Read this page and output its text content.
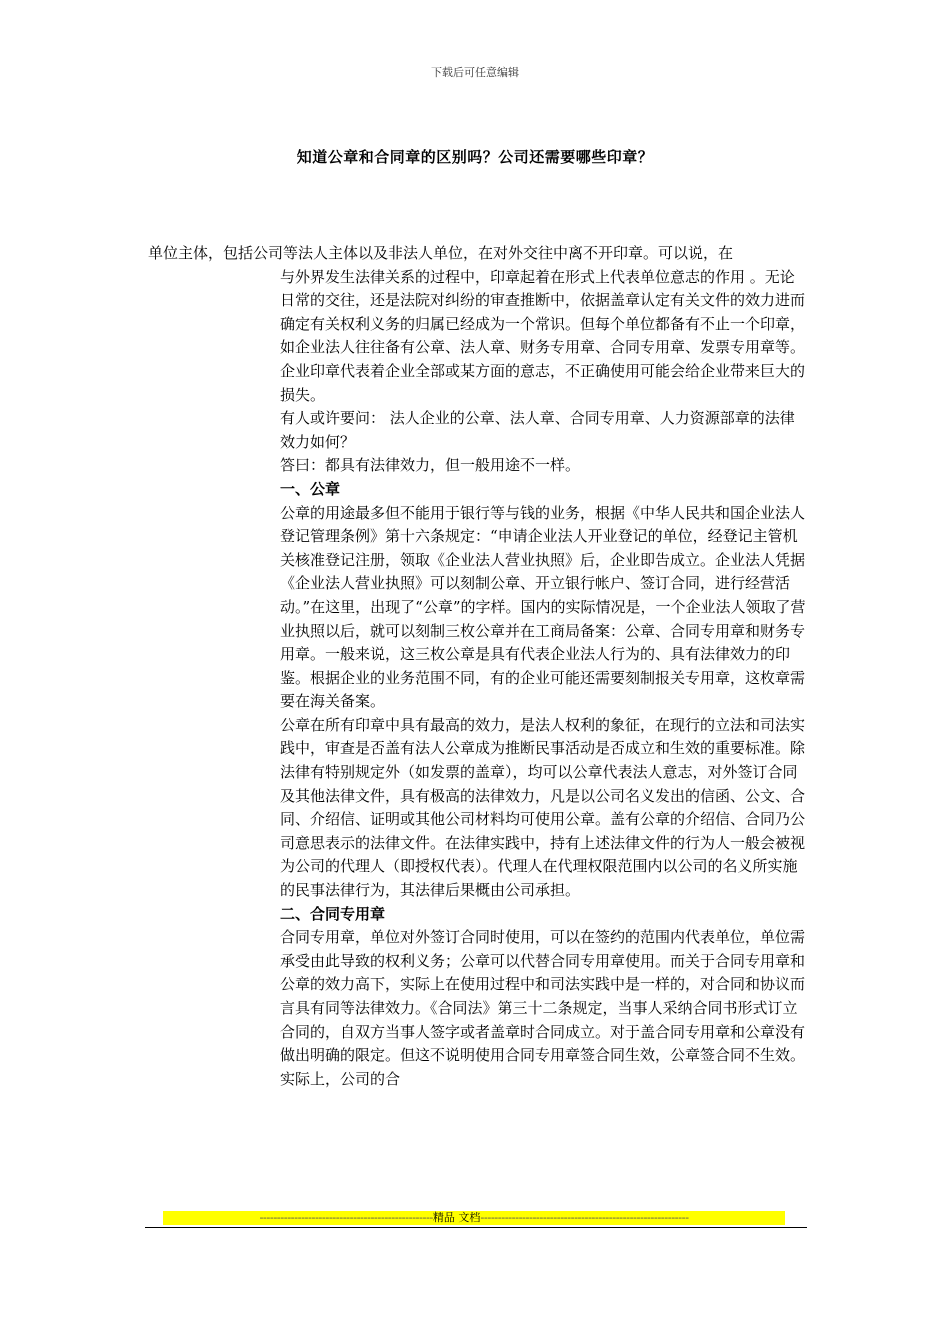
下载后可任意编辑
知道公章和合同章的区别吗？公司还需要哪些印章？

单位主体，包括公司等法人主体以及非法人单位，在对外交往中离不开印章。可以说，在
与外界发生法律关系的过程中，印章起着在形式上代表单位意志的作用 。无论日常的交往，还是法院对纠纷的审查推断中，依据盖章认定有关文件的效力进而确定有关权利义务的归属已经成为一个常识。但每个单位都备有不止一个印章，如企业法人往往备有公章、法人章、财务专用章、合同专用章、发票专用章等。企业印章代表着企业全部或某方面的意志，不正确使用可能会给企业带来巨大的损失。

有人或许要问： 法人企业的公章、法人章、合同专用章、人力资源部章的法律效力如何？

答曰：都具有法律效力，但一般用途不一样。

一、公章

公章的用途最多但不能用于银行等与钱的业务，根据《中华人民共和国企业法人登记管理条例》第十六条规定：“申请企业法人开业登记的单位，经登记主管机关核准登记注册，领取《企业法人营业执照》后，企业即告成立。企业法人凭据《企业法人营业执照》可以刻制公章、开立银行帐户、签订合同，进行经营活动。”在这里，出现了“公章”的字样。国内的实际情况是，一个企业法人领取了营业执照以后，就可以刻制三枚公章并在工商局备案：公章、合同专用章和财务专用章。一般来说，这三枚公章是具有代表企业法人行为的、具有法律效力的印鉴。根据企业的业务范围不同，有的企业可能还需要刻制报关专用章，这枚章需要在海关备案。

公章在所有印章中具有最高的效力，是法人权利的象征，在现行的立法和司法实践中，审查是否盖有法人公章成为推断民事活动是否成立和生效的重要标准。除法律有特别规定外（如发票的盖章），均可以公章代表法人意志，对外签订合同及其他法律文件，具有极高的法律效力，凡是以公司名义发出的信函、公文、合同、介绍信、证明或其他公司材料均可使用公章。盖有公章的介绍信、合同乃公司意思表示的法律文件。在法律实践中，持有上述法律文件的行为人一般会被视为公司的代理人（即授权代表）。代理人在代理权限范围内以公司的名义所实施的民事法律行为，其法律后果概由公司承担。

二、合同专用章

合同专用章，单位对外签订合同时使用，可以在签约的范围内代表单位，单位需承受由此导致的权利义务；公章可以代替合同专用章使用。而关于合同专用章和公章的效力高下，实际上在使用过程中和司法实践中是一样的，对合同和协议而言具有同等法律效力。《合同法》第三十二条规定，当事人采纳合同书形式订立合同的，自双方当事人签字或者盖章时合同成立。对于盖合同专用章和公章没有做出明确的限定。但这不说明使用合同专用章签合同生效，公章签合同不生效。实际上，公司的合

--------------------------------------------------精品 文档------------------------------------------------------------
